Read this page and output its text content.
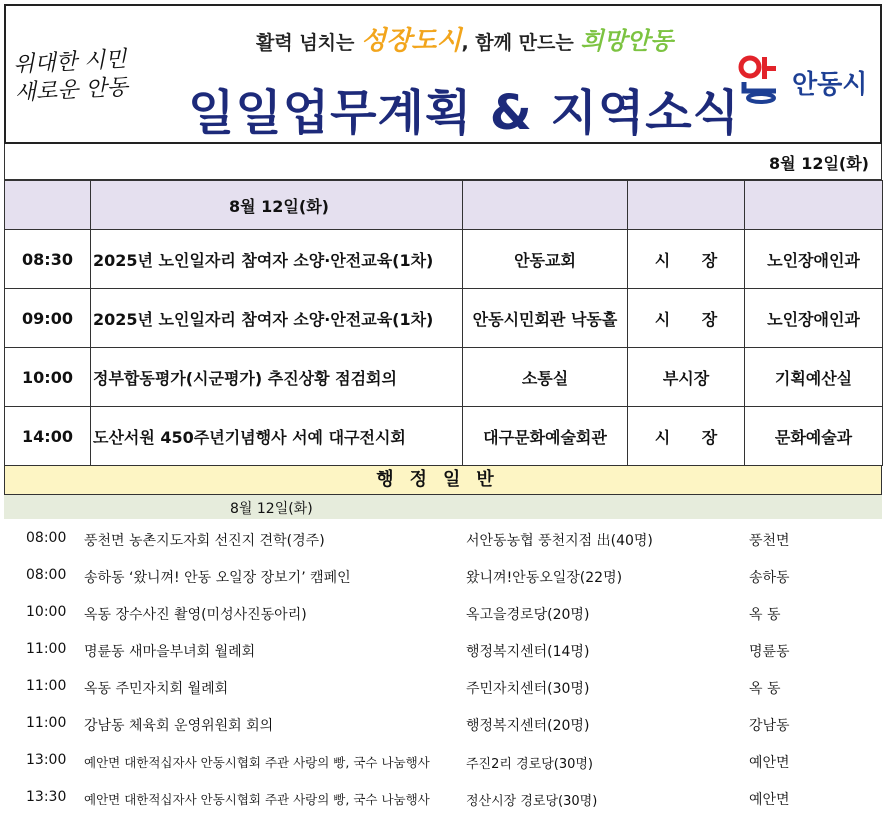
위대한 시민
새로운 안동
활력 넘치는 성장도시, 함께 만드는 희망안동
일일업무계획 & 지역소식 안동시
8월 12일(화)
	8월 12일(화)			
08:30	2025년 노인일자리 참여자 소양·안전교육(1차)	안동교회	시 장	노인장애인과
09:00	2025년 노인일자리 참여자 소양·안전교육(1차)	안동시민회관 낙동홀	시 장	노인장애인과
10:00	정부합동평가(시군평가) 추진상황 점검회의	소통실	부시장	기획예산실
14:00	도산서원 450주년기념행사 서예 대구전시회	대구문화예술회관	시 장	문화예술과
행정일반
8월 12일(화)
08:00 풍천면 농촌지도자회 선진지 견학(경주)	서안동농협 풍천지점 出(40명)	풍천면
08:00 송하동 ‘왔니껴! 안동 오일장 장보기’ 캠페인	왔니껴!안동오일장(22명)	송하동
10:00 옥동 장수사진 촬영(미성사진동아리)	옥고을경로당(20명)	옥 동
11:00 명륜동 새마을부녀회 월례회	행정복지센터(14명)	명륜동
11:00 옥동 주민자치회 월례회	주민자치센터(30명)	옥 동
11:00 강남동 체육회 운영위원회 회의	행정복지센터(20명)	강남동
13:00 예안면 대한적십자사 안동시협회 주관 사랑의 빵, 국수 나눔행사	주진2리 경로당(30명)	예안면
13:30 예안면 대한적십자사 안동시협회 주관 사랑의 빵, 국수 나눔행사	정산시장 경로당(30명)	예안면
